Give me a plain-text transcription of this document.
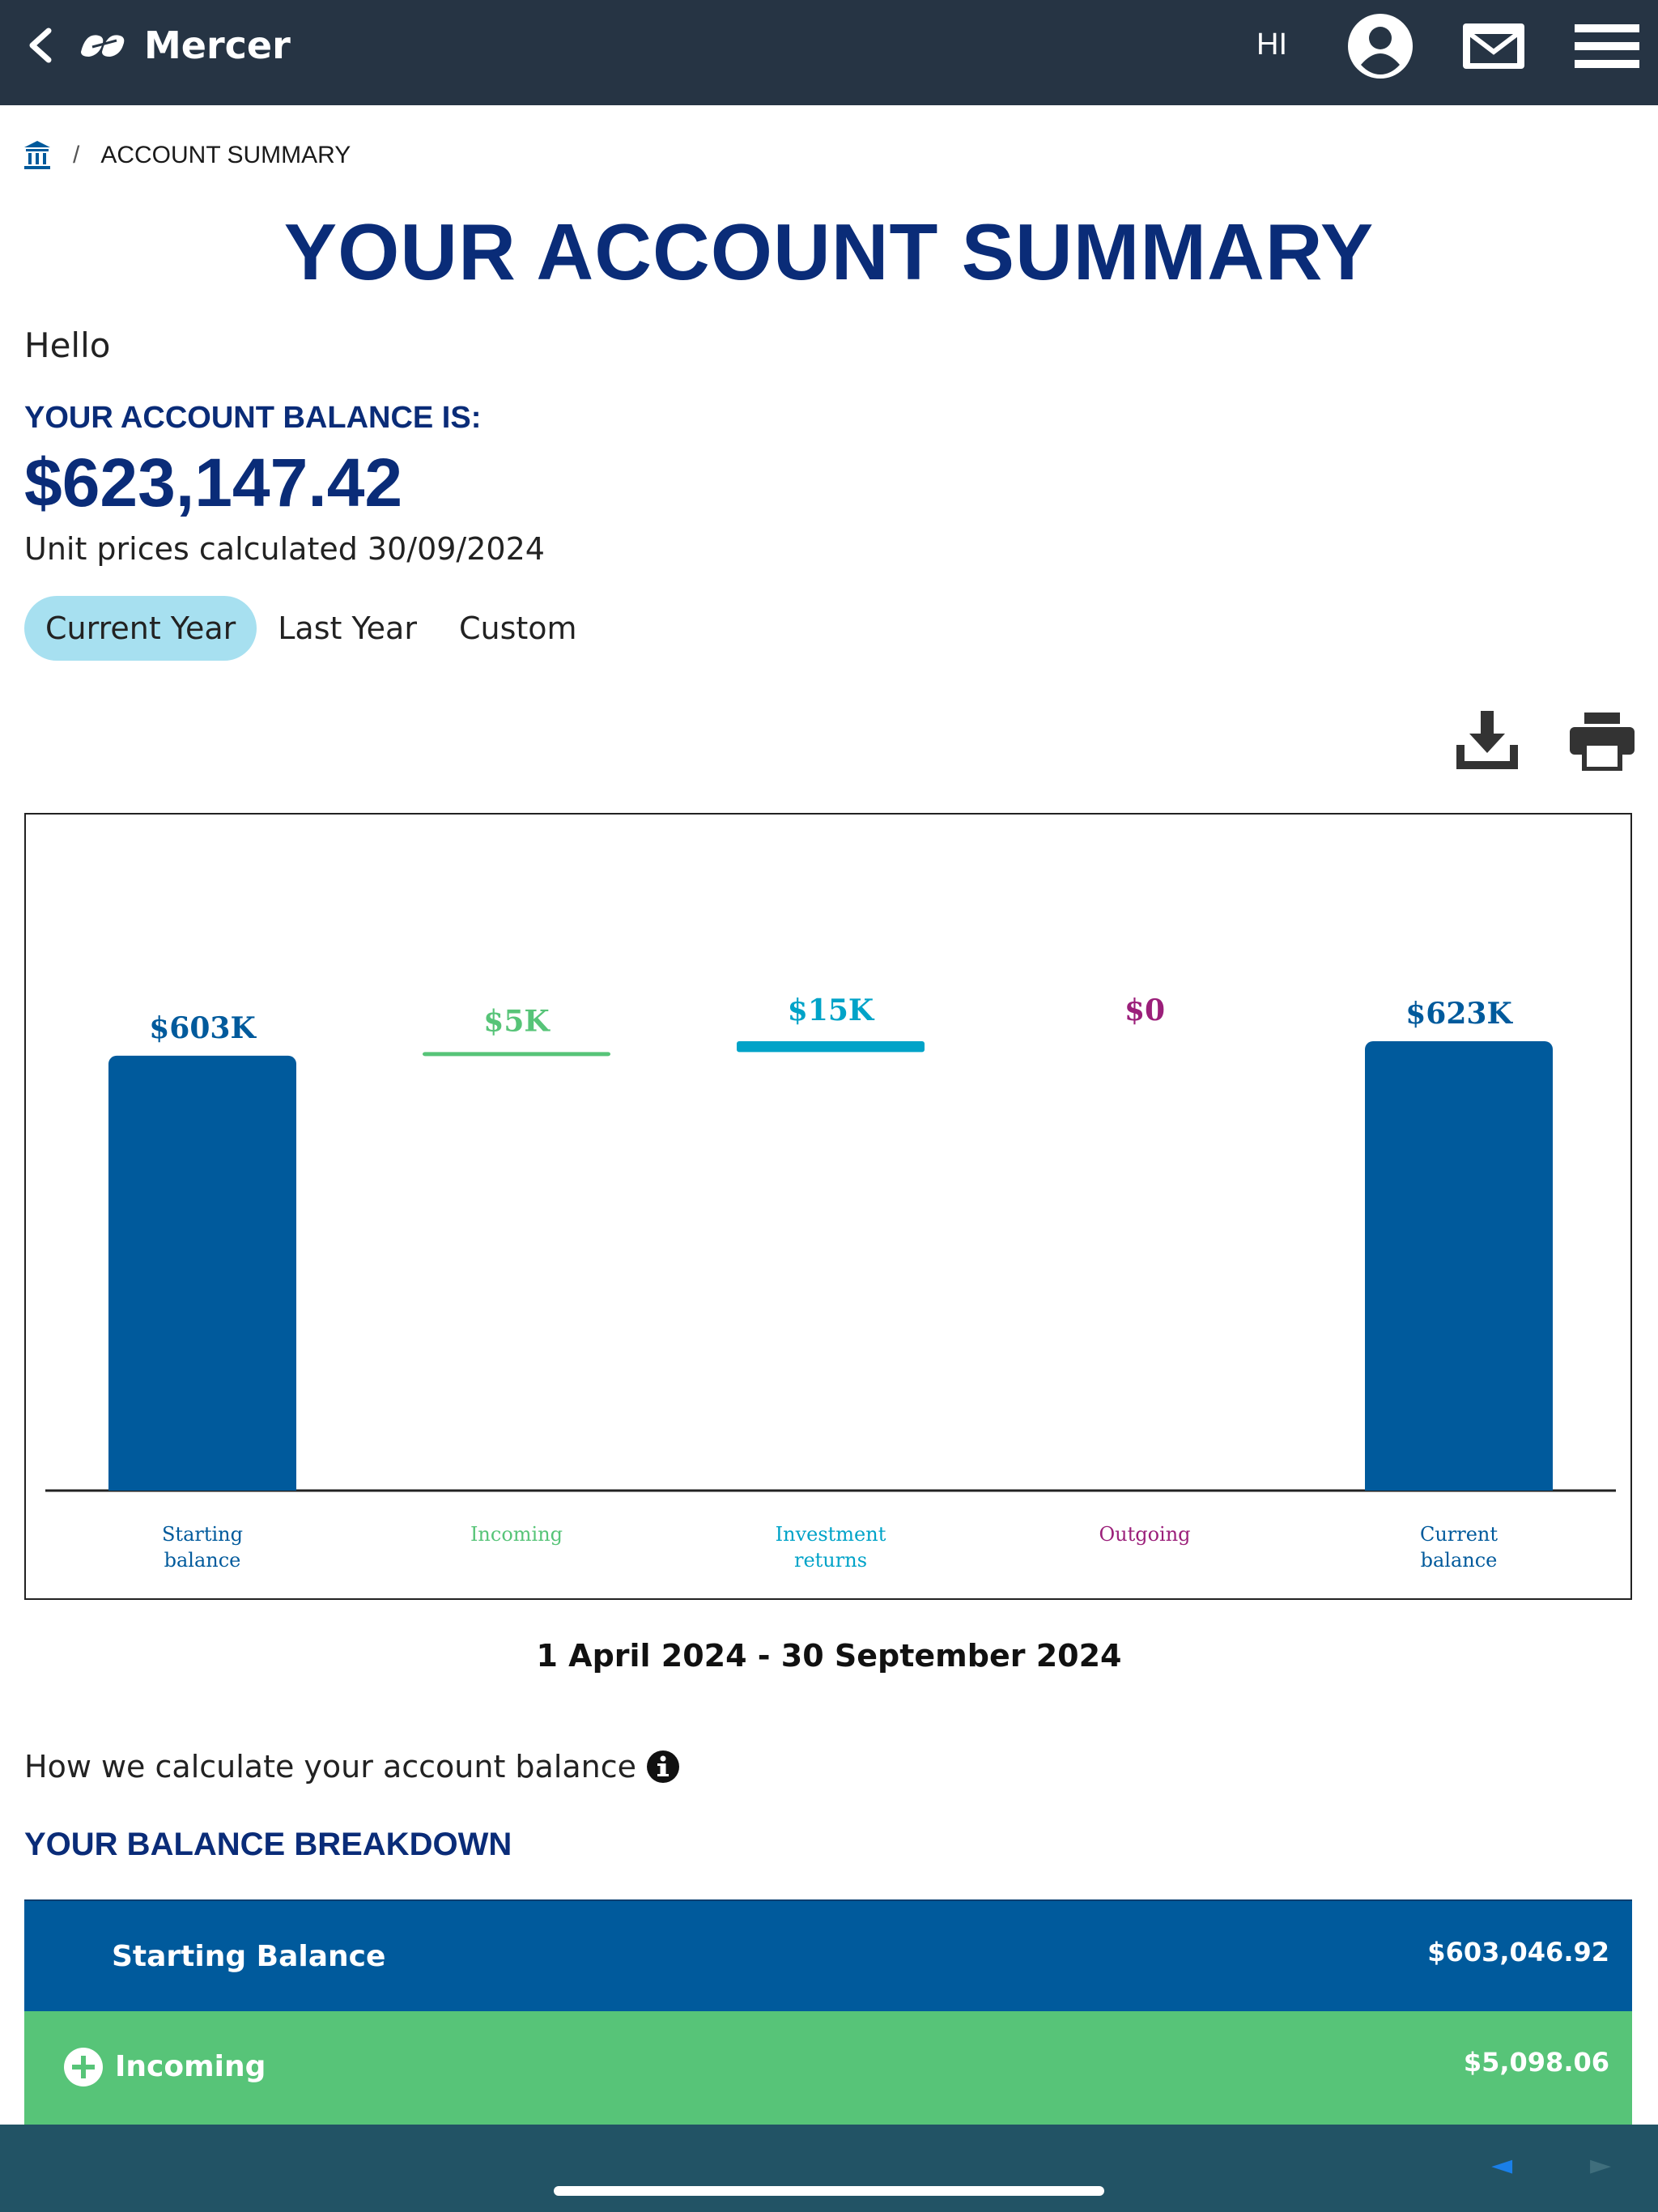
Mercer	HI
/ ACCOUNT SUMMARY
YOUR ACCOUNT SUMMARY
Hello
YOUR ACCOUNT BALANCE IS:
$623,147.42
Unit prices calculated 30/09/2024
Current Year	Last Year	Custom
$603K
Starting
balance
$5K
Incoming
$15K
Investment
returns
$0
Outgoing
$623K
Current
balance
1 April 2024 - 30 September 2024
How we calculate your account balance
YOUR BALANCE BREAKDOWN
Starting Balance	$603,046.92
Incoming	$5,098.06
◄	►
